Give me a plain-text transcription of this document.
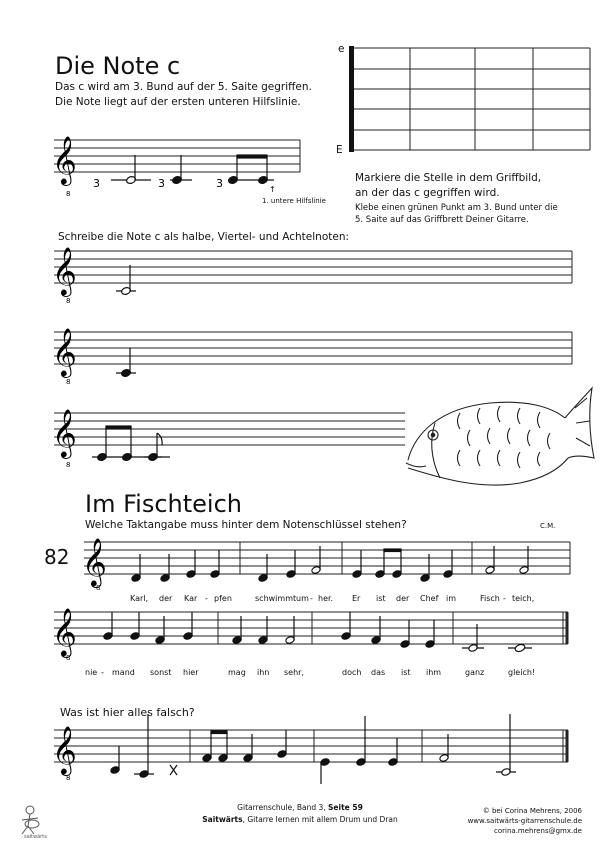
Die Note c
Das c wird am 3. Bund auf der 5. Saite gegriffen.
Die Note liegt auf der ersten unteren Hilfslinie.
e
E
Markiere die Stelle in dem Griffbild,
an der das c gegriffen wird.
Klebe einen grünen Punkt am 3. Bund unter die
5. Saite auf das Griffbrett Deiner Gitarre.
𝄞
8
3	3	3	↑
1. untere Hilfslinie
Schreibe die Note c als halbe, Viertel- und Achtelnoten:
𝄞
8
𝄞
8
𝄞
8
Im Fischteich
Welche Taktangabe muss hinter dem Notenschlüssel stehen?	C.M.
82 𝄞
8
Karl, der Kar - pfen	schwimmt um - her. Er ist der Chef im	Fisch - teich,
𝄞
8
nie - mand sonst hier	mag ihn sehr,	doch das ist ihm	ganz	gleich!
Was ist hier alles falsch?
𝄞
8
Gitarrenschule, Band 3, Seite 59
Saitwärts, Gitarre lernen mit allem Drum und Dran
© bei Corina Mehrens, 2006
www.saitwärts-gitarrenschule.de
corina.mehrens@gmx.de
saitwärts
